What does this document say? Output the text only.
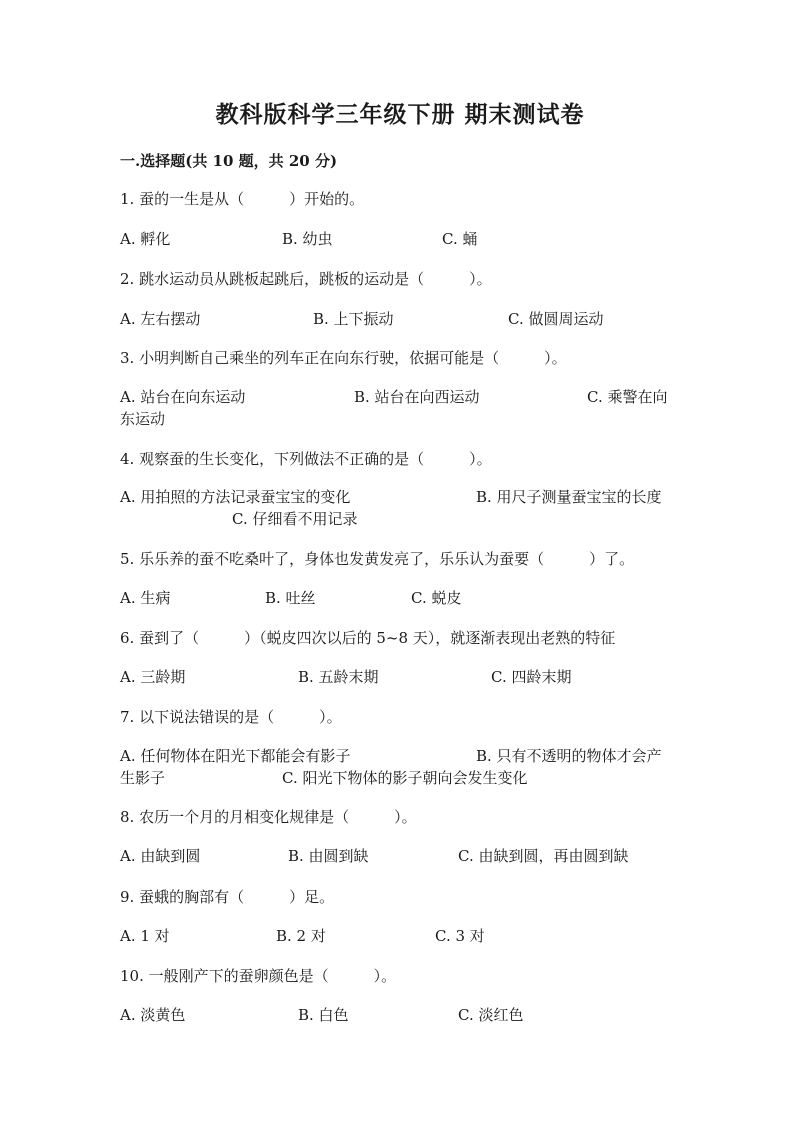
教科版科学三年级下册 期末测试卷
一.选择题(共 10 题，共 20 分)
1. 蚕的一生是从（　　　）开始的。
A. 孵化	B. 幼虫	C. 蛹
2. 跳水运动员从跳板起跳后，跳板的运动是（　　　）。
A. 左右摆动	B. 上下振动	C. 做圆周运动
3. 小明判断自己乘坐的列车正在向东行驶，依据可能是（　　　）。
A. 站台在向东运动	B. 站台在向西运动	C. 乘警在向
东运动
4. 观察蚕的生长变化，下列做法不正确的是（　　　）。
A. 用拍照的方法记录蚕宝宝的变化	B. 用尺子测量蚕宝宝的长度
C. 仔细看不用记录
5. 乐乐养的蚕不吃桑叶了，身体也发黄发亮了，乐乐认为蚕要（　　　）了。
A. 生病	B. 吐丝	C. 蜕皮
6. 蚕到了（　　　）（蜕皮四次以后的 5~8 天），就逐渐表现出老熟的特征
A. 三龄期	B. 五龄末期	C. 四龄末期
7. 以下说法错误的是（　　　）。
A. 任何物体在阳光下都能会有影子	B. 只有不透明的物体才会产
生影子	C. 阳光下物体的影子朝向会发生变化
8. 农历一个月的月相变化规律是（　　　）。
A. 由缺到圆	B. 由圆到缺	C. 由缺到圆，再由圆到缺
9. 蚕蛾的胸部有（　　　）足。
A. 1 对	B. 2 对	C. 3 对
10. 一般刚产下的蚕卵颜色是（　　　）。
A. 淡黄色	B. 白色	C. 淡红色
